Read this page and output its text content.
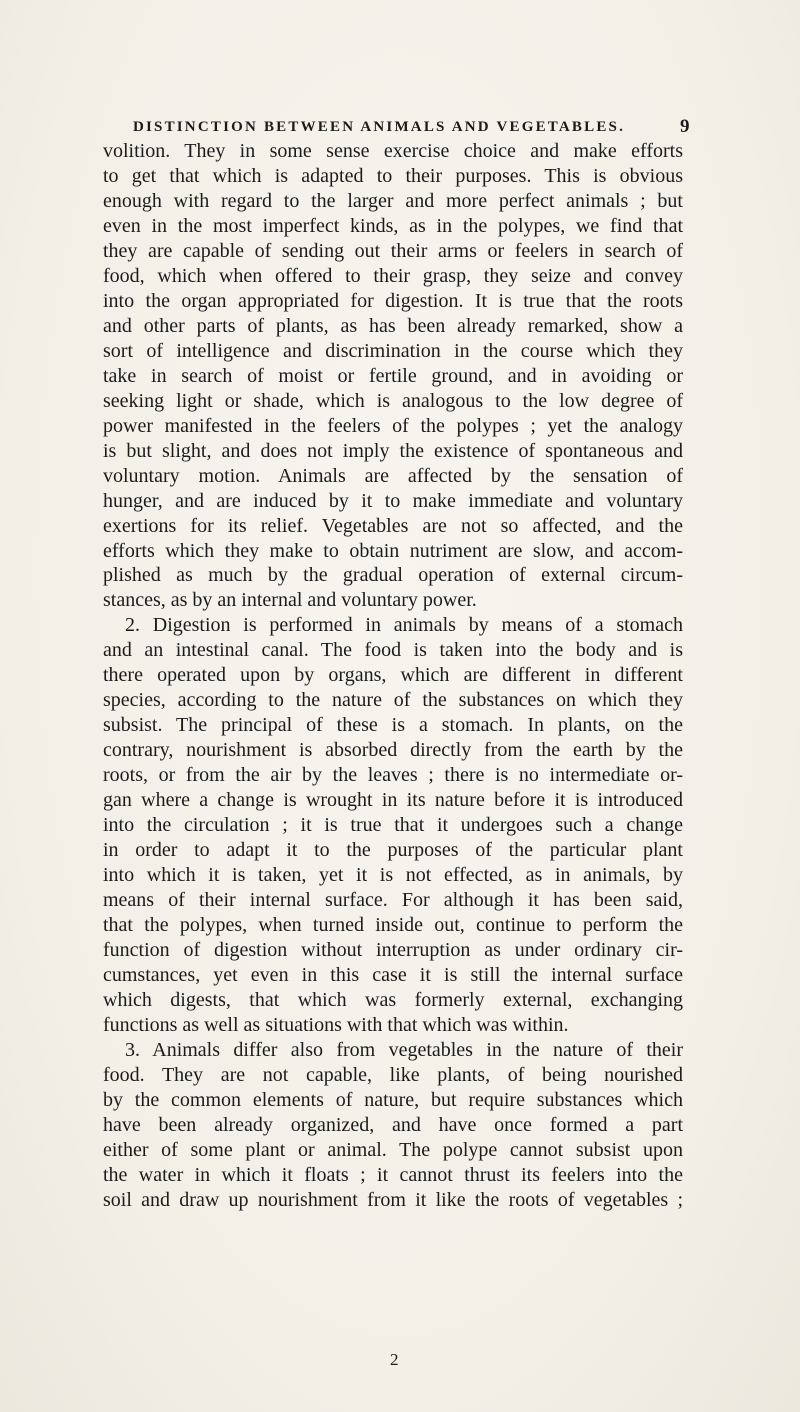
DISTINCTION BETWEEN ANIMALS AND VEGETABLES.	9
volition. They in some sense exercise choice and make efforts
to get that which is adapted to their purposes. This is obvious
enough with regard to the larger and more perfect animals ; but
even in the most imperfect kinds, as in the polypes, we find that
they are capable of sending out their arms or feelers in search of
food, which when offered to their grasp, they seize and convey
into the organ appropriated for digestion. It is true that the roots
and other parts of plants, as has been already remarked, show a
sort of intelligence and discrimination in the course which they
take in search of moist or fertile ground, and in avoiding or
seeking light or shade, which is analogous to the low degree of
power manifested in the feelers of the polypes ; yet the analogy
is but slight, and does not imply the existence of spontaneous and
voluntary motion. Animals are affected by the sensation of
hunger, and are induced by it to make immediate and voluntary
exertions for its relief. Vegetables are not so affected, and the
efforts which they make to obtain nutriment are slow, and accom-
plished as much by the gradual operation of external circum-
stances, as by an internal and voluntary power.
2. Digestion is performed in animals by means of a stomach
and an intestinal canal. The food is taken into the body and is
there operated upon by organs, which are different in different
species, according to the nature of the substances on which they
subsist. The principal of these is a stomach. In plants, on the
contrary, nourishment is absorbed directly from the earth by the
roots, or from the air by the leaves ; there is no intermediate or-
gan where a change is wrought in its nature before it is introduced
into the circulation ; it is true that it undergoes such a change
in order to adapt it to the purposes of the particular plant
into which it is taken, yet it is not effected, as in animals, by
means of their internal surface. For although it has been said,
that the polypes, when turned inside out, continue to perform the
function of digestion without interruption as under ordinary cir-
cumstances, yet even in this case it is still the internal surface
which digests, that which was formerly external, exchanging
functions as well as situations with that which was within.
3. Animals differ also from vegetables in the nature of their
food. They are not capable, like plants, of being nourished
by the common elements of nature, but require substances which
have been already organized, and have once formed a part
either of some plant or animal. The polype cannot subsist upon
the water in which it floats ; it cannot thrust its feelers into the
soil and draw up nourishment from it like the roots of vegetables ;
2
